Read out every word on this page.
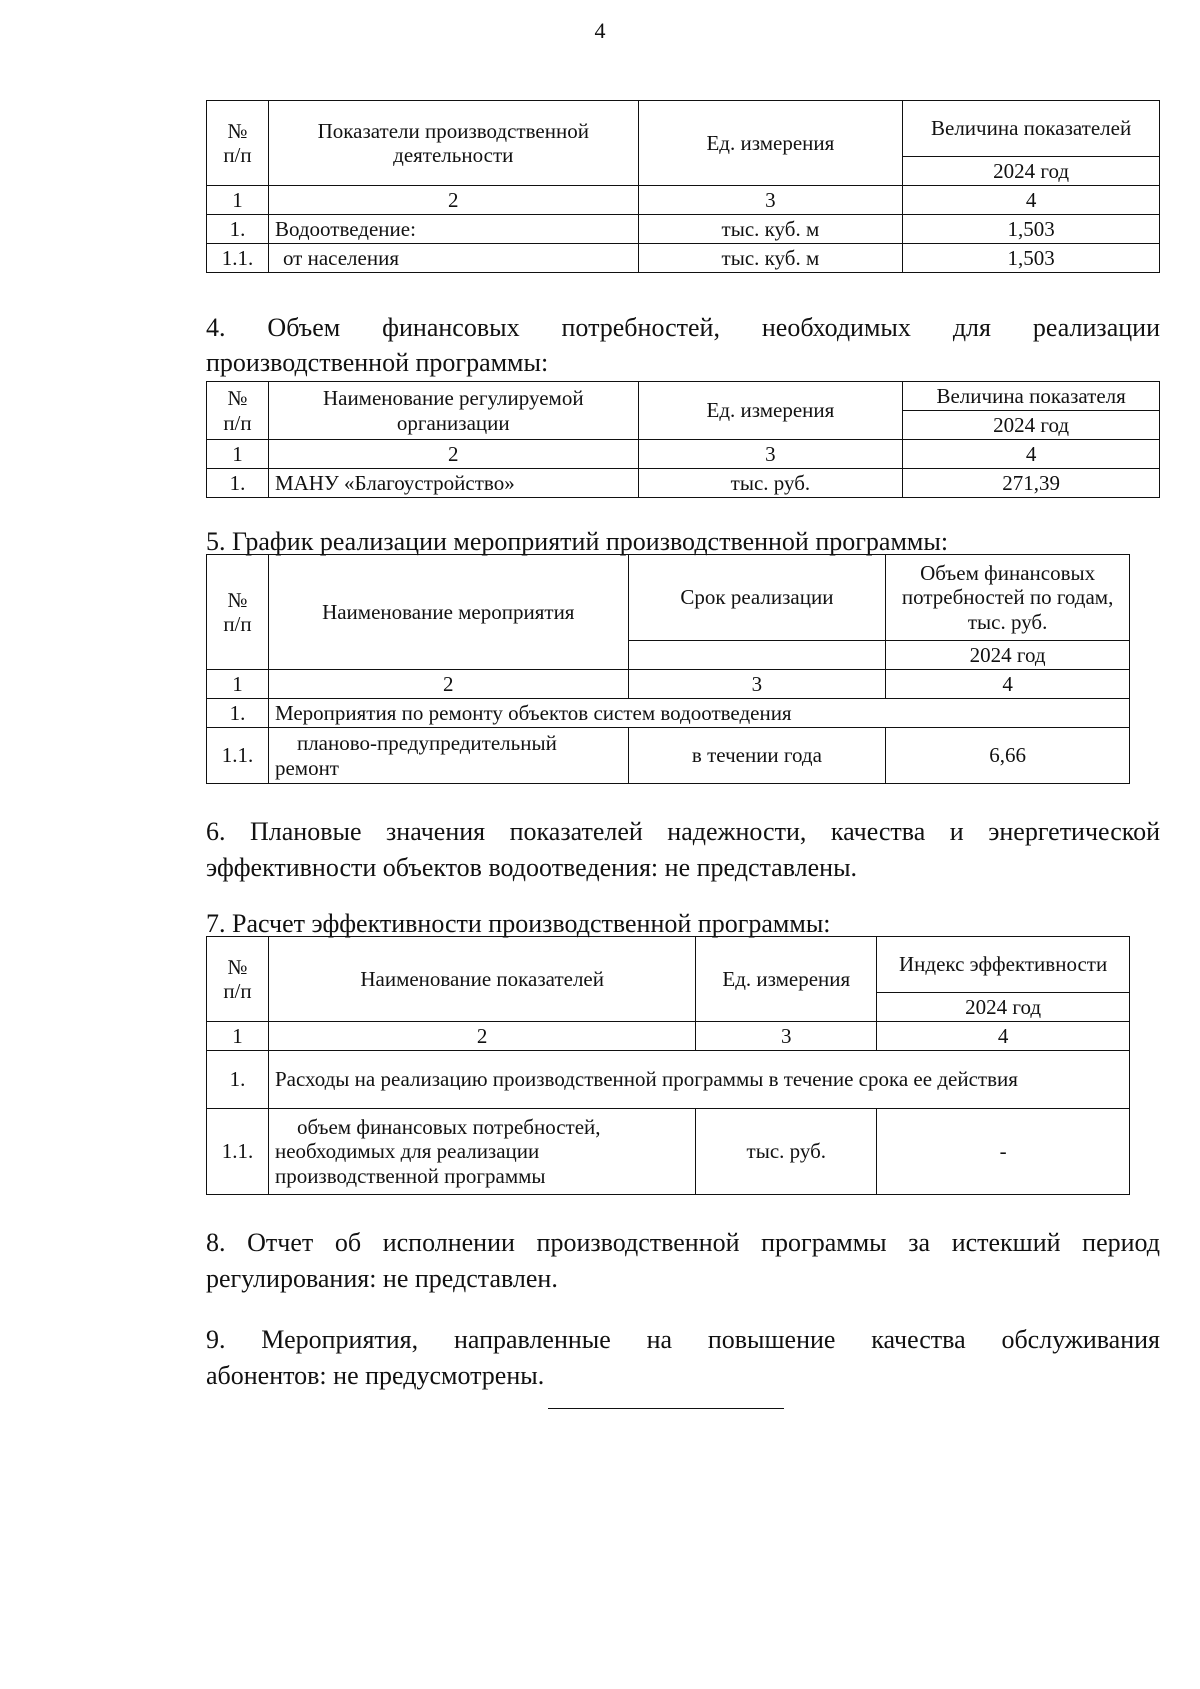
4
№
п/п	Показатели производственной деятельности	Ед. измерения	Величина показателей
			2024 год
1	2	3	4
1.	Водоотведение:	тыс. куб. м	1,503
1.1.	от населения	тыс. куб. м	1,503

4. Объем финансовых потребностей, необходимых для реализации

производственной программы:

№
п/п	Наименование регулируемой организации	Ед. измерения	Величина показателя
			2024 год
1	2	3	4
1.	МАНУ «Благоустройство»	тыс. руб.	271,39

5. График реализации мероприятий производственной программы:

№
п/п	Наименование мероприятия	Срок реализации	Объем финансовых потребностей по годам, тыс. руб.
			2024 год
1	2	3	4
1.	Мероприятия по ремонту объектов систем водоотведения		
1.1.	планово-предупредительный
ремонт	в течении года	6,66

6. Плановые значения показателей надежности, качества и энергетической

эффективности объектов водоотведения: не представлены.

7. Расчет эффективности производственной программы:

№
п/п	Наименование показателей	Ед. измерения	Индекс эффективности
			2024 год
1	2	3	4
1.	Расходы на реализацию производственной программы в течение срока ее действия		
1.1.	объем финансовых потребностей,
необходимых для реализации
производственной программы	тыс. руб.	-

8. Отчет об исполнении производственной программы за истекший период

регулирования: не представлен.

9. Мероприятия, направленные на повышение качества обслуживания

абонентов: не предусмотрены.
